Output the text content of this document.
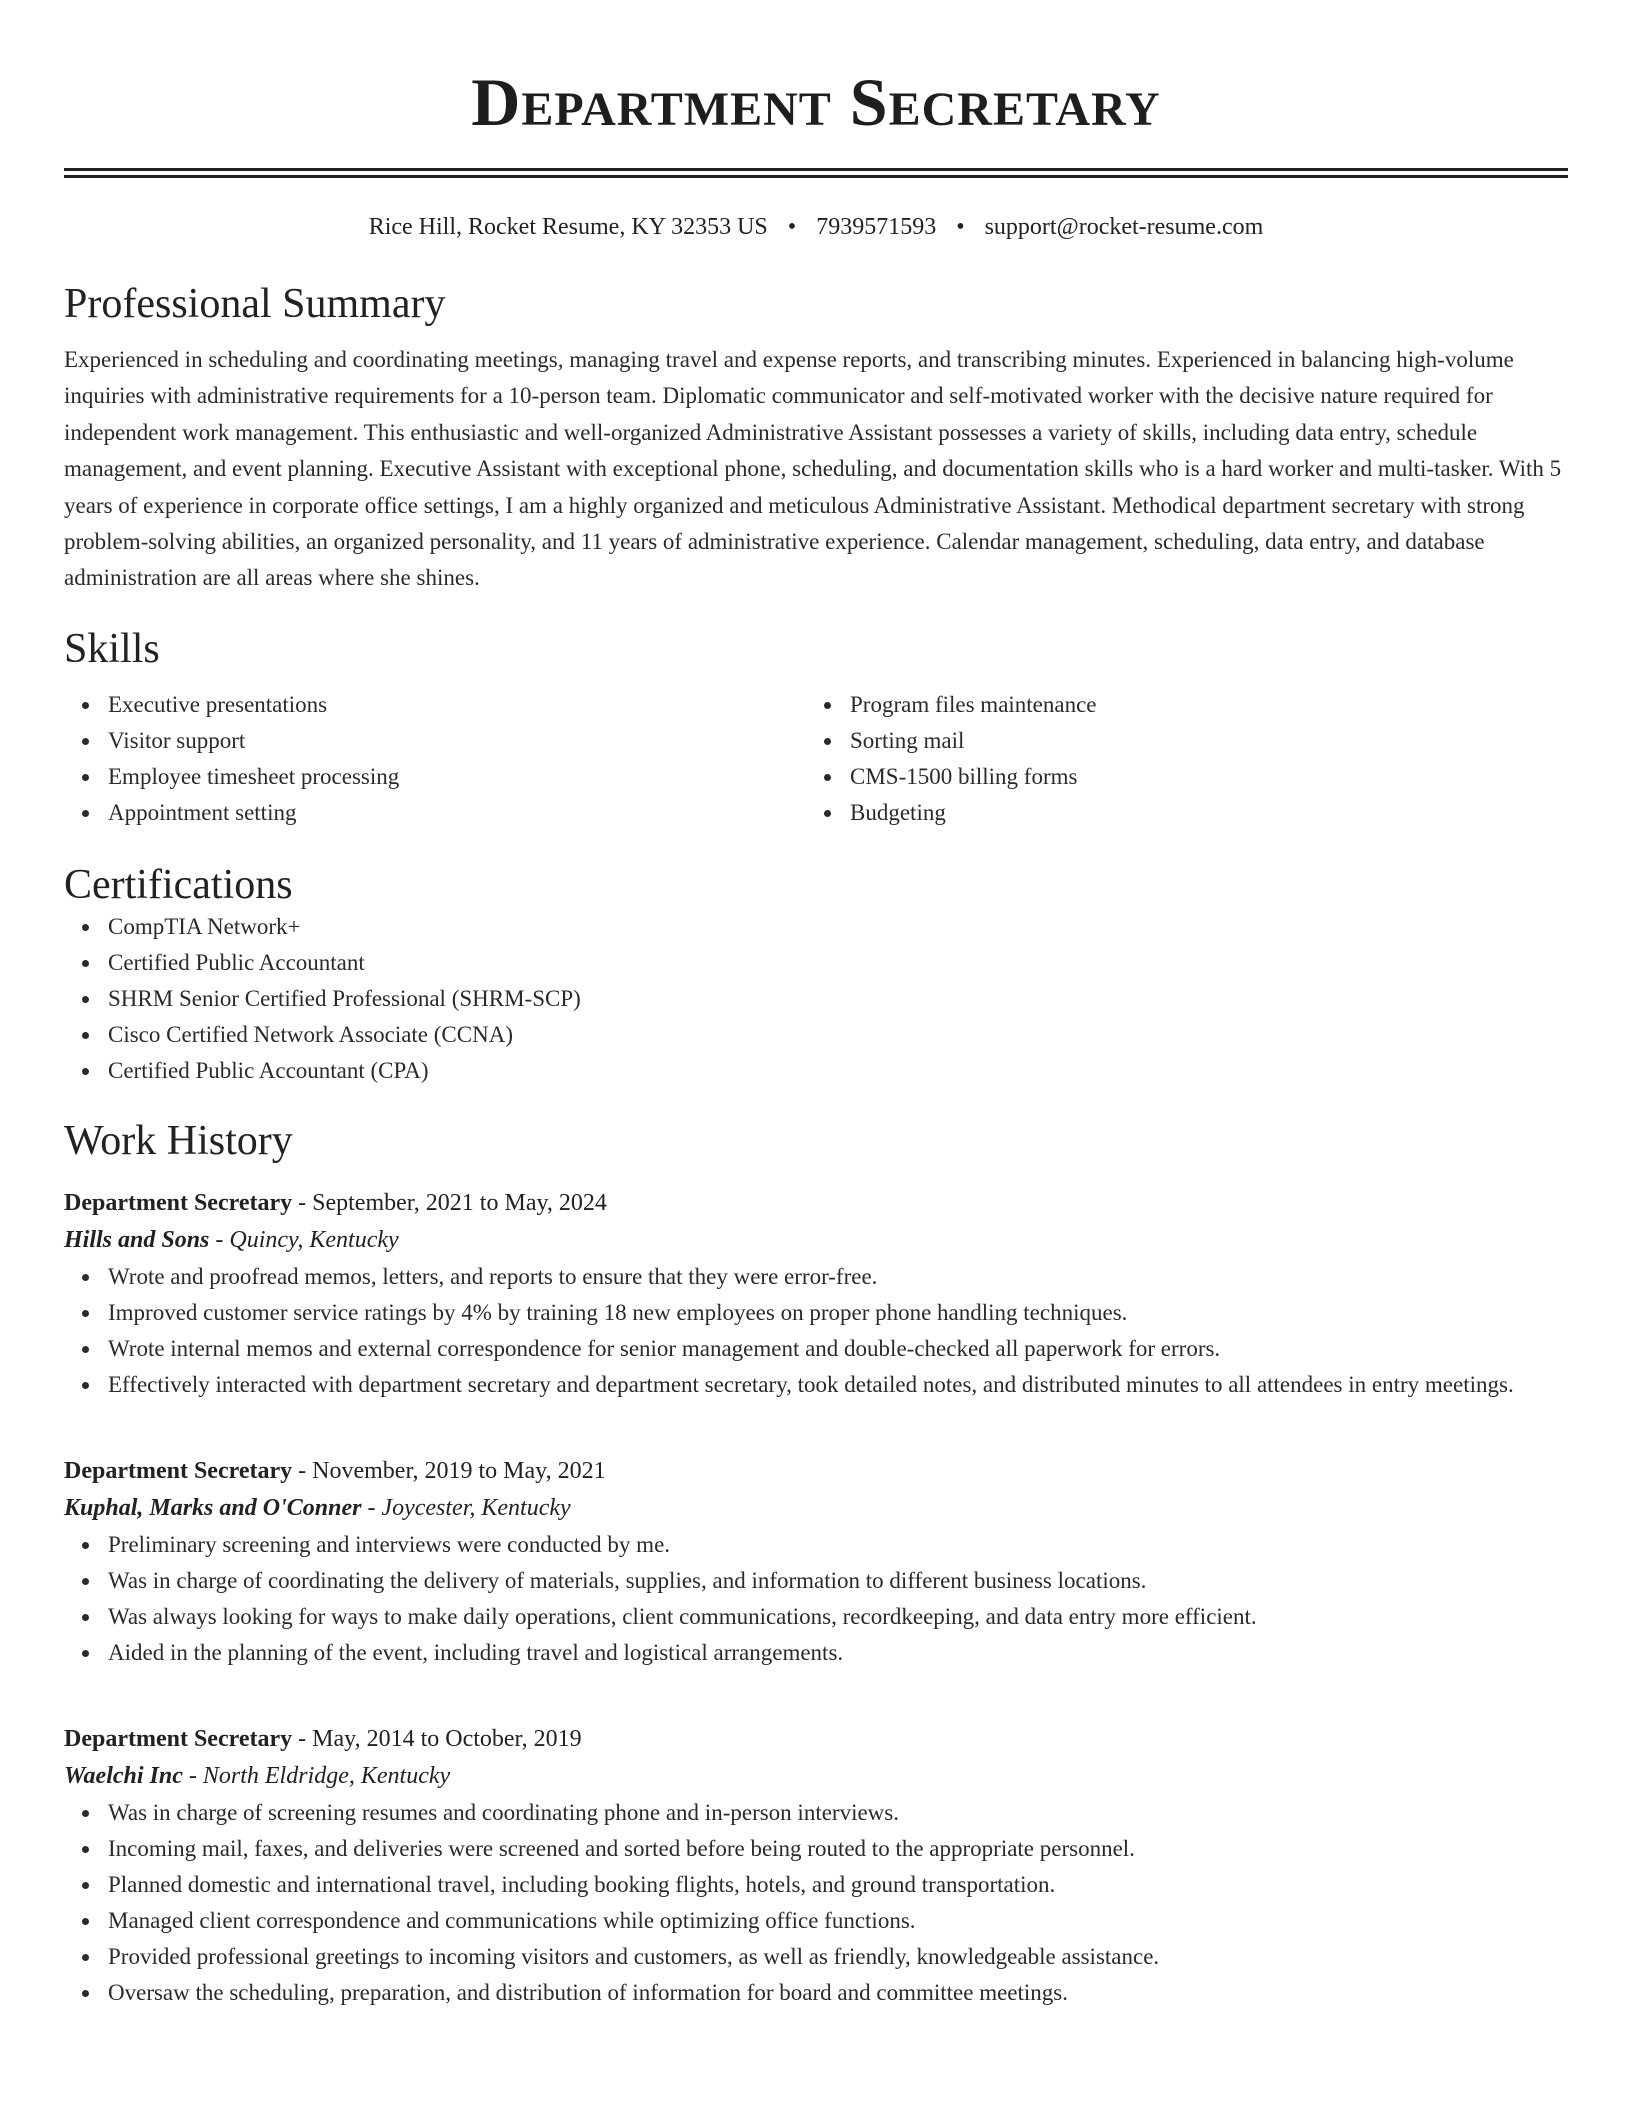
Department Secretary
Rice Hill, Rocket Resume, KY 32353 US • 7939571593 • support@rocket-resume.com
Professional Summary

Experienced in scheduling and coordinating meetings, managing travel and expense reports, and transcribing minutes. Experienced in balancing high-volume inquiries with administrative requirements for a 10-person team. Diplomatic communicator and self-motivated worker with the decisive nature required for independent work management. This enthusiastic and well-organized Administrative Assistant possesses a variety of skills, including data entry, schedule management, and event planning. Executive Assistant with exceptional phone, scheduling, and documentation skills who is a hard worker and multi-tasker. With 5 years of experience in corporate office settings, I am a highly organized and meticulous Administrative Assistant. Methodical department secretary with strong problem-solving abilities, an organized personality, and 11 years of administrative experience. Calendar management, scheduling, data entry, and database administration are all areas where she shines.

Skills
Executive presentations
Visitor support
Employee timesheet processing
Appointment setting
Program files maintenance
Sorting mail
CMS-1500 billing forms
Budgeting
Certifications
CompTIA Network+
Certified Public Accountant
SHRM Senior Certified Professional (SHRM-SCP)
Cisco Certified Network Associate (CCNA)
Certified Public Accountant (CPA)
Work History
Department Secretary - September, 2021 to May, 2024
Hills and Sons - Quincy, Kentucky
Wrote and proofread memos, letters, and reports to ensure that they were error-free.
Improved customer service ratings by 4% by training 18 new employees on proper phone handling techniques.
Wrote internal memos and external correspondence for senior management and double-checked all paperwork for errors.
Effectively interacted with department secretary and department secretary, took detailed notes, and distributed minutes to all attendees in entry meetings.
Department Secretary - November, 2019 to May, 2021
Kuphal, Marks and O'Conner - Joycester, Kentucky
Preliminary screening and interviews were conducted by me.
Was in charge of coordinating the delivery of materials, supplies, and information to different business locations.
Was always looking for ways to make daily operations, client communications, recordkeeping, and data entry more efficient.
Aided in the planning of the event, including travel and logistical arrangements.
Department Secretary - May, 2014 to October, 2019
Waelchi Inc - North Eldridge, Kentucky
Was in charge of screening resumes and coordinating phone and in-person interviews.
Incoming mail, faxes, and deliveries were screened and sorted before being routed to the appropriate personnel.
Planned domestic and international travel, including booking flights, hotels, and ground transportation.
Managed client correspondence and communications while optimizing office functions.
Provided professional greetings to incoming visitors and customers, as well as friendly, knowledgeable assistance.
Oversaw the scheduling, preparation, and distribution of information for board and committee meetings.
